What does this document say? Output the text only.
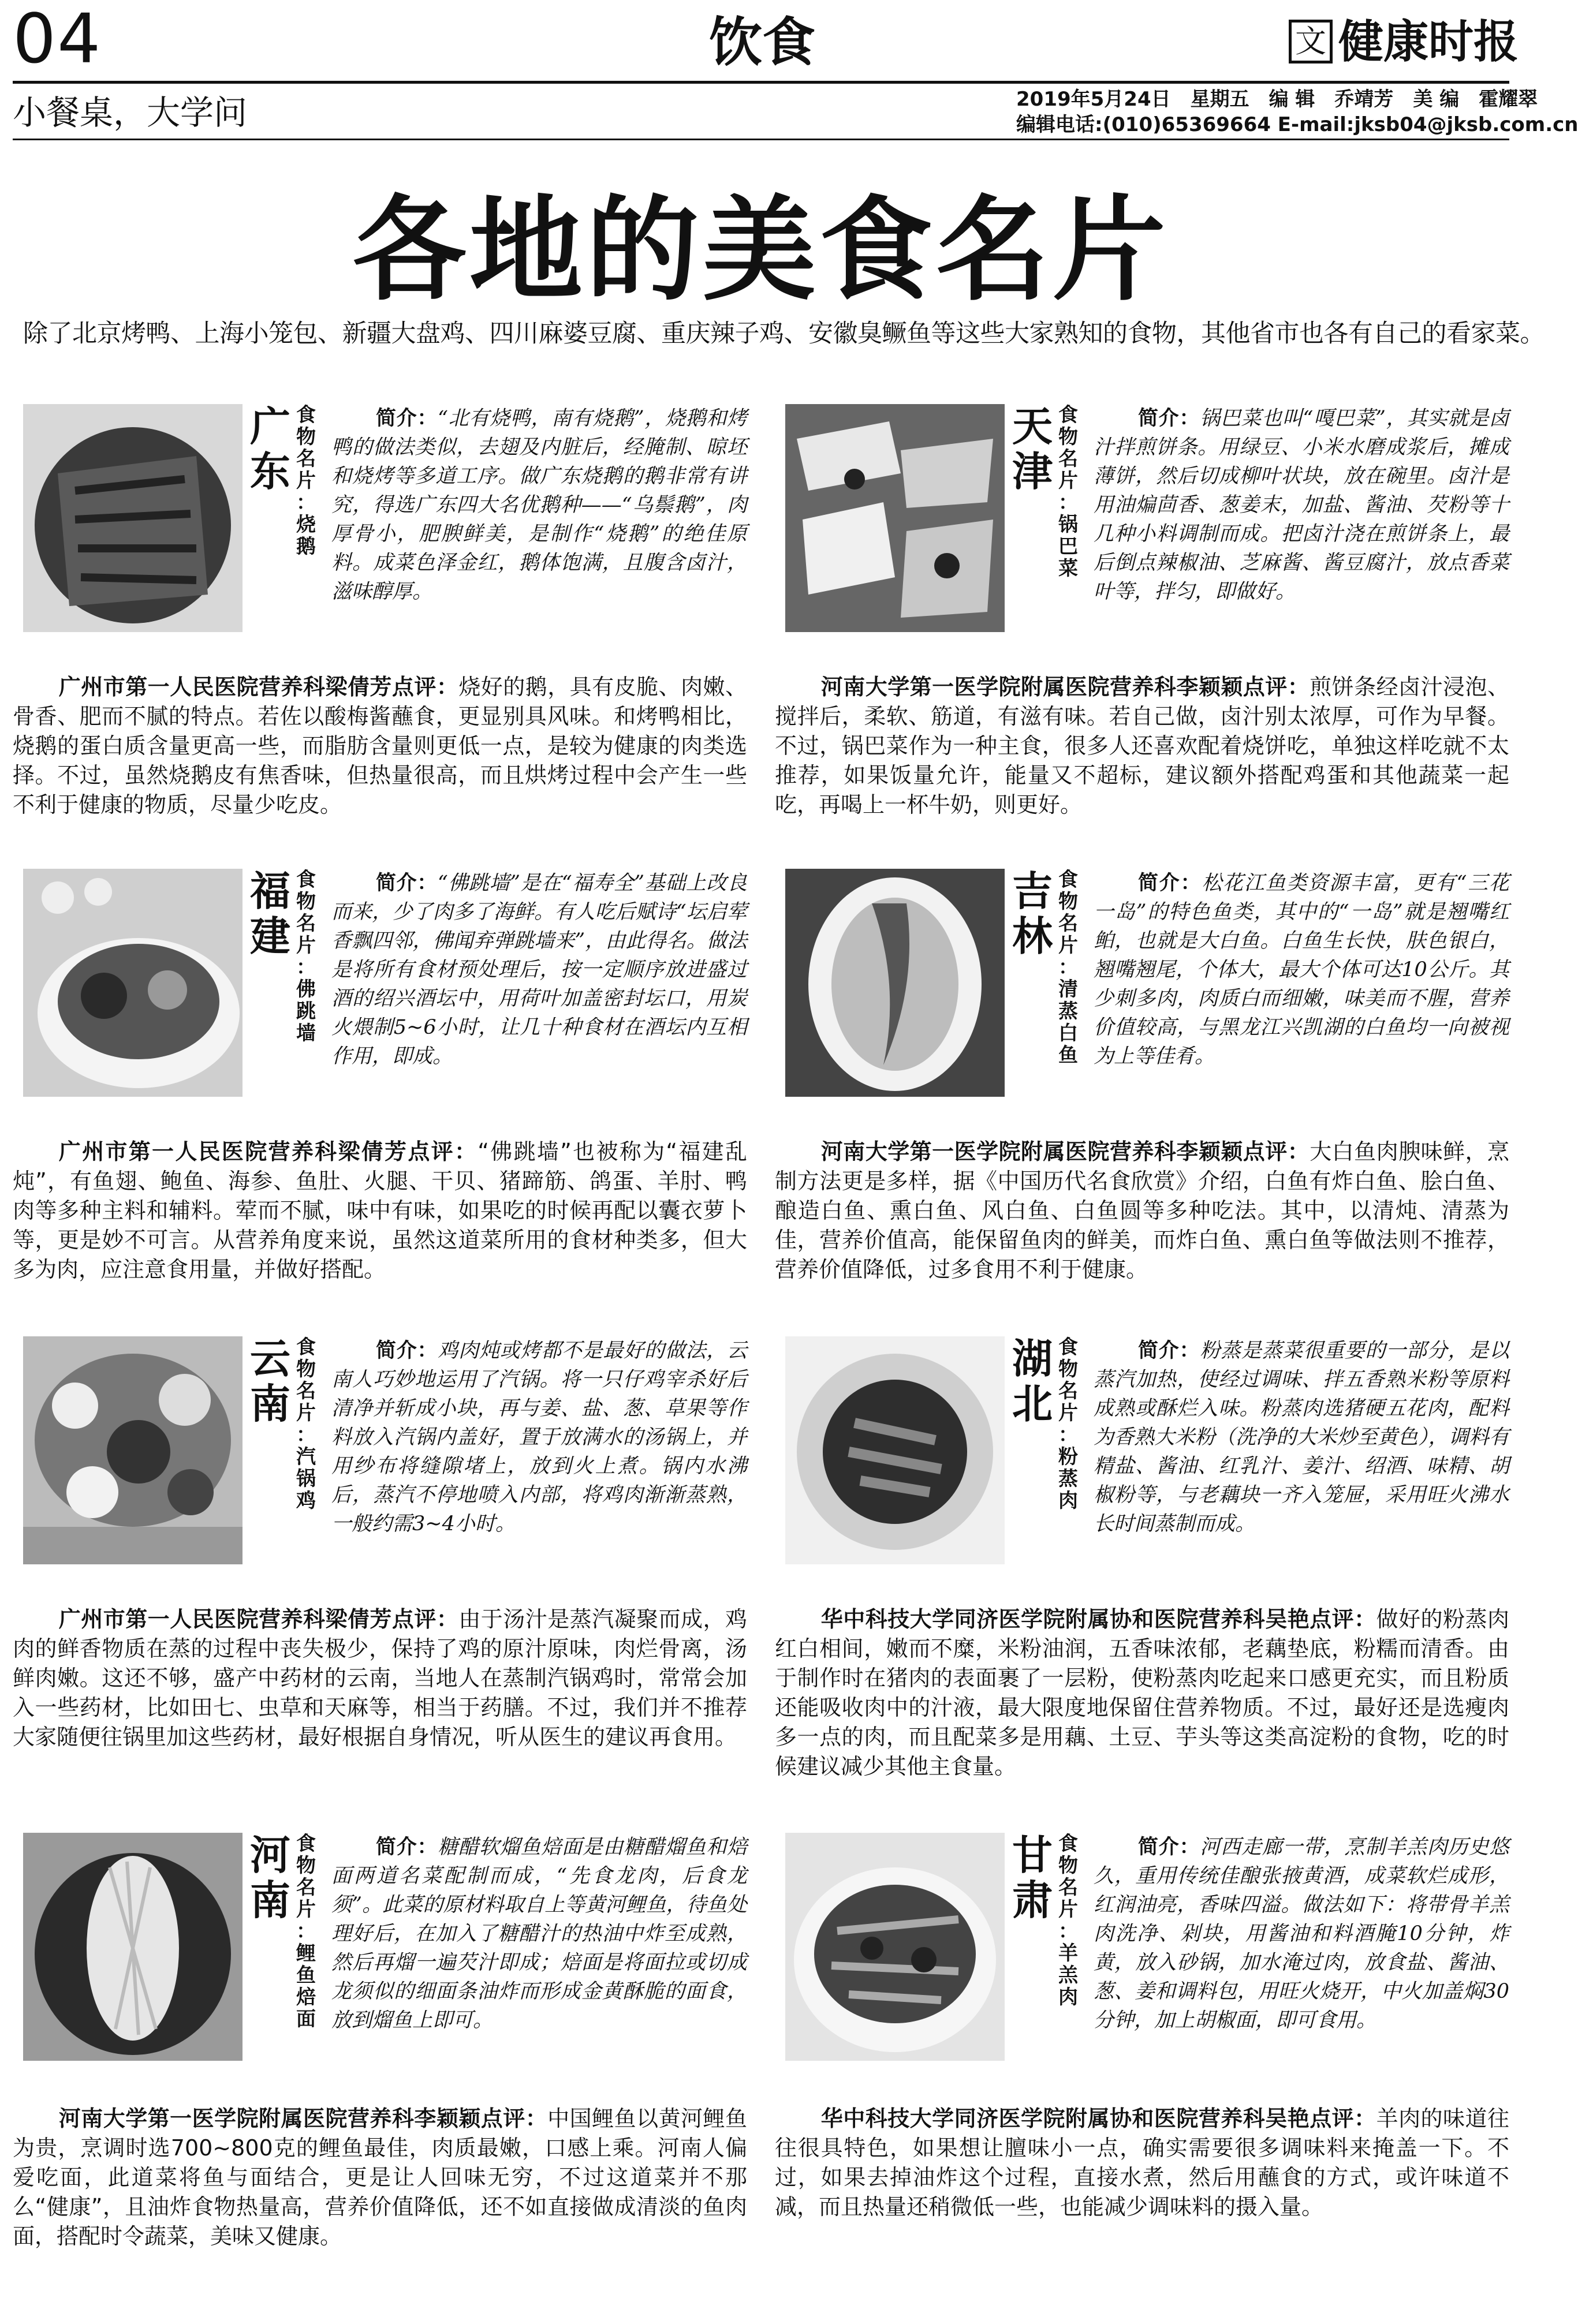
04	饮食	文 健康时报
小餐桌，大学问	2019年5月24日　星期五　编 辑　乔靖芳　美 编　霍耀翠
编辑电话:(010)65369664 E-mail:jksb04@jksb.com.cn
各地的美食名片
除了北京烤鸭、上海小笼包、新疆大盘鸡、四川麻婆豆腐、重庆辣子鸡、安徽臭鳜鱼等这些大家熟知的食物，其他省市也各有自己的看家菜。
广
东
食
物
名
片
：
烧
鹅
简介：“北有烧鸭，南有烧鹅”，烧鹅和烤鸭的做法类似，去翅及内脏后，经腌制、晾坯和烧烤等多道工序。做广东烧鹅的鹅非常有讲究，得选广东四大名优鹅种——“乌鬃鹅”，肉厚骨小，肥腴鲜美，是制作“烧鹅”的绝佳原料。成菜色泽金红，鹅体饱满，且腹含卤汁，滋味醇厚。
广州市第一人民医院营养科梁倩芳点评：烧好的鹅，具有皮脆、肉嫩、骨香、肥而不腻的特点。若佐以酸梅酱蘸食，更显别具风味。和烤鸭相比，烧鹅的蛋白质含量更高一些，而脂肪含量则更低一点，是较为健康的肉类选择。不过，虽然烧鹅皮有焦香味，但热量很高，而且烘烤过程中会产生一些不利于健康的物质，尽量少吃皮。
天
津
食
物
名
片
：
锅
巴
菜
简介：锅巴菜也叫“嘎巴菜”，其实就是卤汁拌煎饼条。用绿豆、小米水磨成浆后，摊成薄饼，然后切成柳叶状块，放在碗里。卤汁是用油煸茴香、葱姜末，加盐、酱油、芡粉等十几种小料调制而成。把卤汁浇在煎饼条上，最后倒点辣椒油、芝麻酱、酱豆腐汁，放点香菜叶等，拌匀，即做好。
河南大学第一医学院附属医院营养科李颖颖点评：煎饼条经卤汁浸泡、搅拌后，柔软、筋道，有滋有味。若自己做，卤汁别太浓厚，可作为早餐。不过，锅巴菜作为一种主食，很多人还喜欢配着烧饼吃，单独这样吃就不太推荐，如果饭量允许，能量又不超标，建议额外搭配鸡蛋和其他蔬菜一起吃，再喝上一杯牛奶，则更好。
福
建
食
物
名
片
：
佛
跳
墙
简介：“佛跳墙”是在“福寿全”基础上改良而来，少了肉多了海鲜。有人吃后赋诗“坛启荤香飘四邻，佛闻弃弹跳墙来”，由此得名。做法是将所有食材预处理后，按一定顺序放进盛过酒的绍兴酒坛中，用荷叶加盖密封坛口，用炭火煨制5~6小时，让几十种食材在酒坛内互相作用，即成。
广州市第一人民医院营养科梁倩芳点评：“佛跳墙”也被称为“福建乱炖”，有鱼翅、鲍鱼、海参、鱼肚、火腿、干贝、猪蹄筋、鸽蛋、羊肘、鸭肉等多种主料和辅料。荤而不腻，味中有味，如果吃的时候再配以囊衣萝卜等，更是妙不可言。从营养角度来说，虽然这道菜所用的食材种类多，但大多为肉，应注意食用量，并做好搭配。
吉
林
食
物
名
片
：
清
蒸
白
鱼
简介：松花江鱼类资源丰富，更有“三花一岛”的特色鱼类，其中的“一岛”就是翘嘴红鲌，也就是大白鱼。白鱼生长快，肤色银白，翘嘴翘尾，个体大，最大个体可达10公斤。其少刺多肉，肉质白而细嫩，味美而不腥，营养价值较高，与黑龙江兴凯湖的白鱼均一向被视为上等佳肴。
河南大学第一医学院附属医院营养科李颖颖点评：大白鱼肉腴味鲜，烹制方法更是多样，据《中国历代名食欣赏》介绍，白鱼有炸白鱼、脍白鱼、酿造白鱼、熏白鱼、风白鱼、白鱼圆等多种吃法。其中，以清炖、清蒸为佳，营养价值高，能保留鱼肉的鲜美，而炸白鱼、熏白鱼等做法则不推荐，营养价值降低，过多食用不利于健康。
云
南
食
物
名
片
：
汽
锅
鸡
简介：鸡肉炖或烤都不是最好的做法，云南人巧妙地运用了汽锅。将一只仔鸡宰杀好后清净并斩成小块，再与姜、盐、葱、草果等作料放入汽锅内盖好，置于放满水的汤锅上，并用纱布将缝隙堵上，放到火上煮。锅内水沸后，蒸汽不停地喷入内部，将鸡肉渐渐蒸熟，一般约需3~4小时。
广州市第一人民医院营养科梁倩芳点评：由于汤汁是蒸汽凝聚而成，鸡肉的鲜香物质在蒸的过程中丧失极少，保持了鸡的原汁原味，肉烂骨离，汤鲜肉嫩。这还不够，盛产中药材的云南，当地人在蒸制汽锅鸡时，常常会加入一些药材，比如田七、虫草和天麻等，相当于药膳。不过，我们并不推荐大家随便往锅里加这些药材，最好根据自身情况，听从医生的建议再食用。
湖
北
食
物
名
片
：
粉
蒸
肉
简介：粉蒸是蒸菜很重要的一部分，是以蒸汽加热，使经过调味、拌五香熟米粉等原料成熟或酥烂入味。粉蒸肉选猪硬五花肉，配料为香熟大米粉（洗净的大米炒至黄色），调料有精盐、酱油、红乳汁、姜汁、绍酒、味精、胡椒粉等，与老藕块一齐入笼屉，采用旺火沸水长时间蒸制而成。
华中科技大学同济医学院附属协和医院营养科吴艳点评：做好的粉蒸肉红白相间，嫩而不糜，米粉油润，五香味浓郁，老藕垫底，粉糯而清香。由于制作时在猪肉的表面裹了一层粉，使粉蒸肉吃起来口感更充实，而且粉质还能吸收肉中的汁液，最大限度地保留住营养物质。不过，最好还是选瘦肉多一点的肉，而且配菜多是用藕、土豆、芋头等这类高淀粉的食物，吃的时候建议减少其他主食量。
河
南
食
物
名
片
：
鲤
鱼
焙
面
简介：糖醋软熘鱼焙面是由糖醋熘鱼和焙面两道名菜配制而成，“先食龙肉，后食龙须”。此菜的原材料取自上等黄河鲤鱼，待鱼处理好后，在加入了糖醋汁的热油中炸至成熟，然后再熘一遍芡汁即成；焙面是将面拉或切成龙须似的细面条油炸而形成金黄酥脆的面食，放到熘鱼上即可。
河南大学第一医学院附属医院营养科李颖颖点评：中国鲤鱼以黄河鲤鱼为贵，烹调时选700~800克的鲤鱼最佳，肉质最嫩，口感上乘。河南人偏爱吃面，此道菜将鱼与面结合，更是让人回味无穷，不过这道菜并不那么“健康”，且油炸食物热量高，营养价值降低，还不如直接做成清淡的鱼肉面，搭配时令蔬菜，美味又健康。
甘
肃
食
物
名
片
：
羊
羔
肉
简介：河西走廊一带，烹制羊羔肉历史悠久，重用传统佳酿张掖黄酒，成菜软烂成形，红润油亮，香味四溢。做法如下：将带骨羊羔肉洗净、剁块，用酱油和料酒腌10分钟，炸黄，放入砂锅，加水淹过肉，放食盐、酱油、葱、姜和调料包，用旺火烧开，中火加盖焖30分钟，加上胡椒面，即可食用。
华中科技大学同济医学院附属协和医院营养科吴艳点评：羊肉的味道往往很具特色，如果想让膻味小一点，确实需要很多调味料来掩盖一下。不过，如果去掉油炸这个过程，直接水煮，然后用蘸食的方式，或许味道不减，而且热量还稍微低一些，也能减少调味料的摄入量。
